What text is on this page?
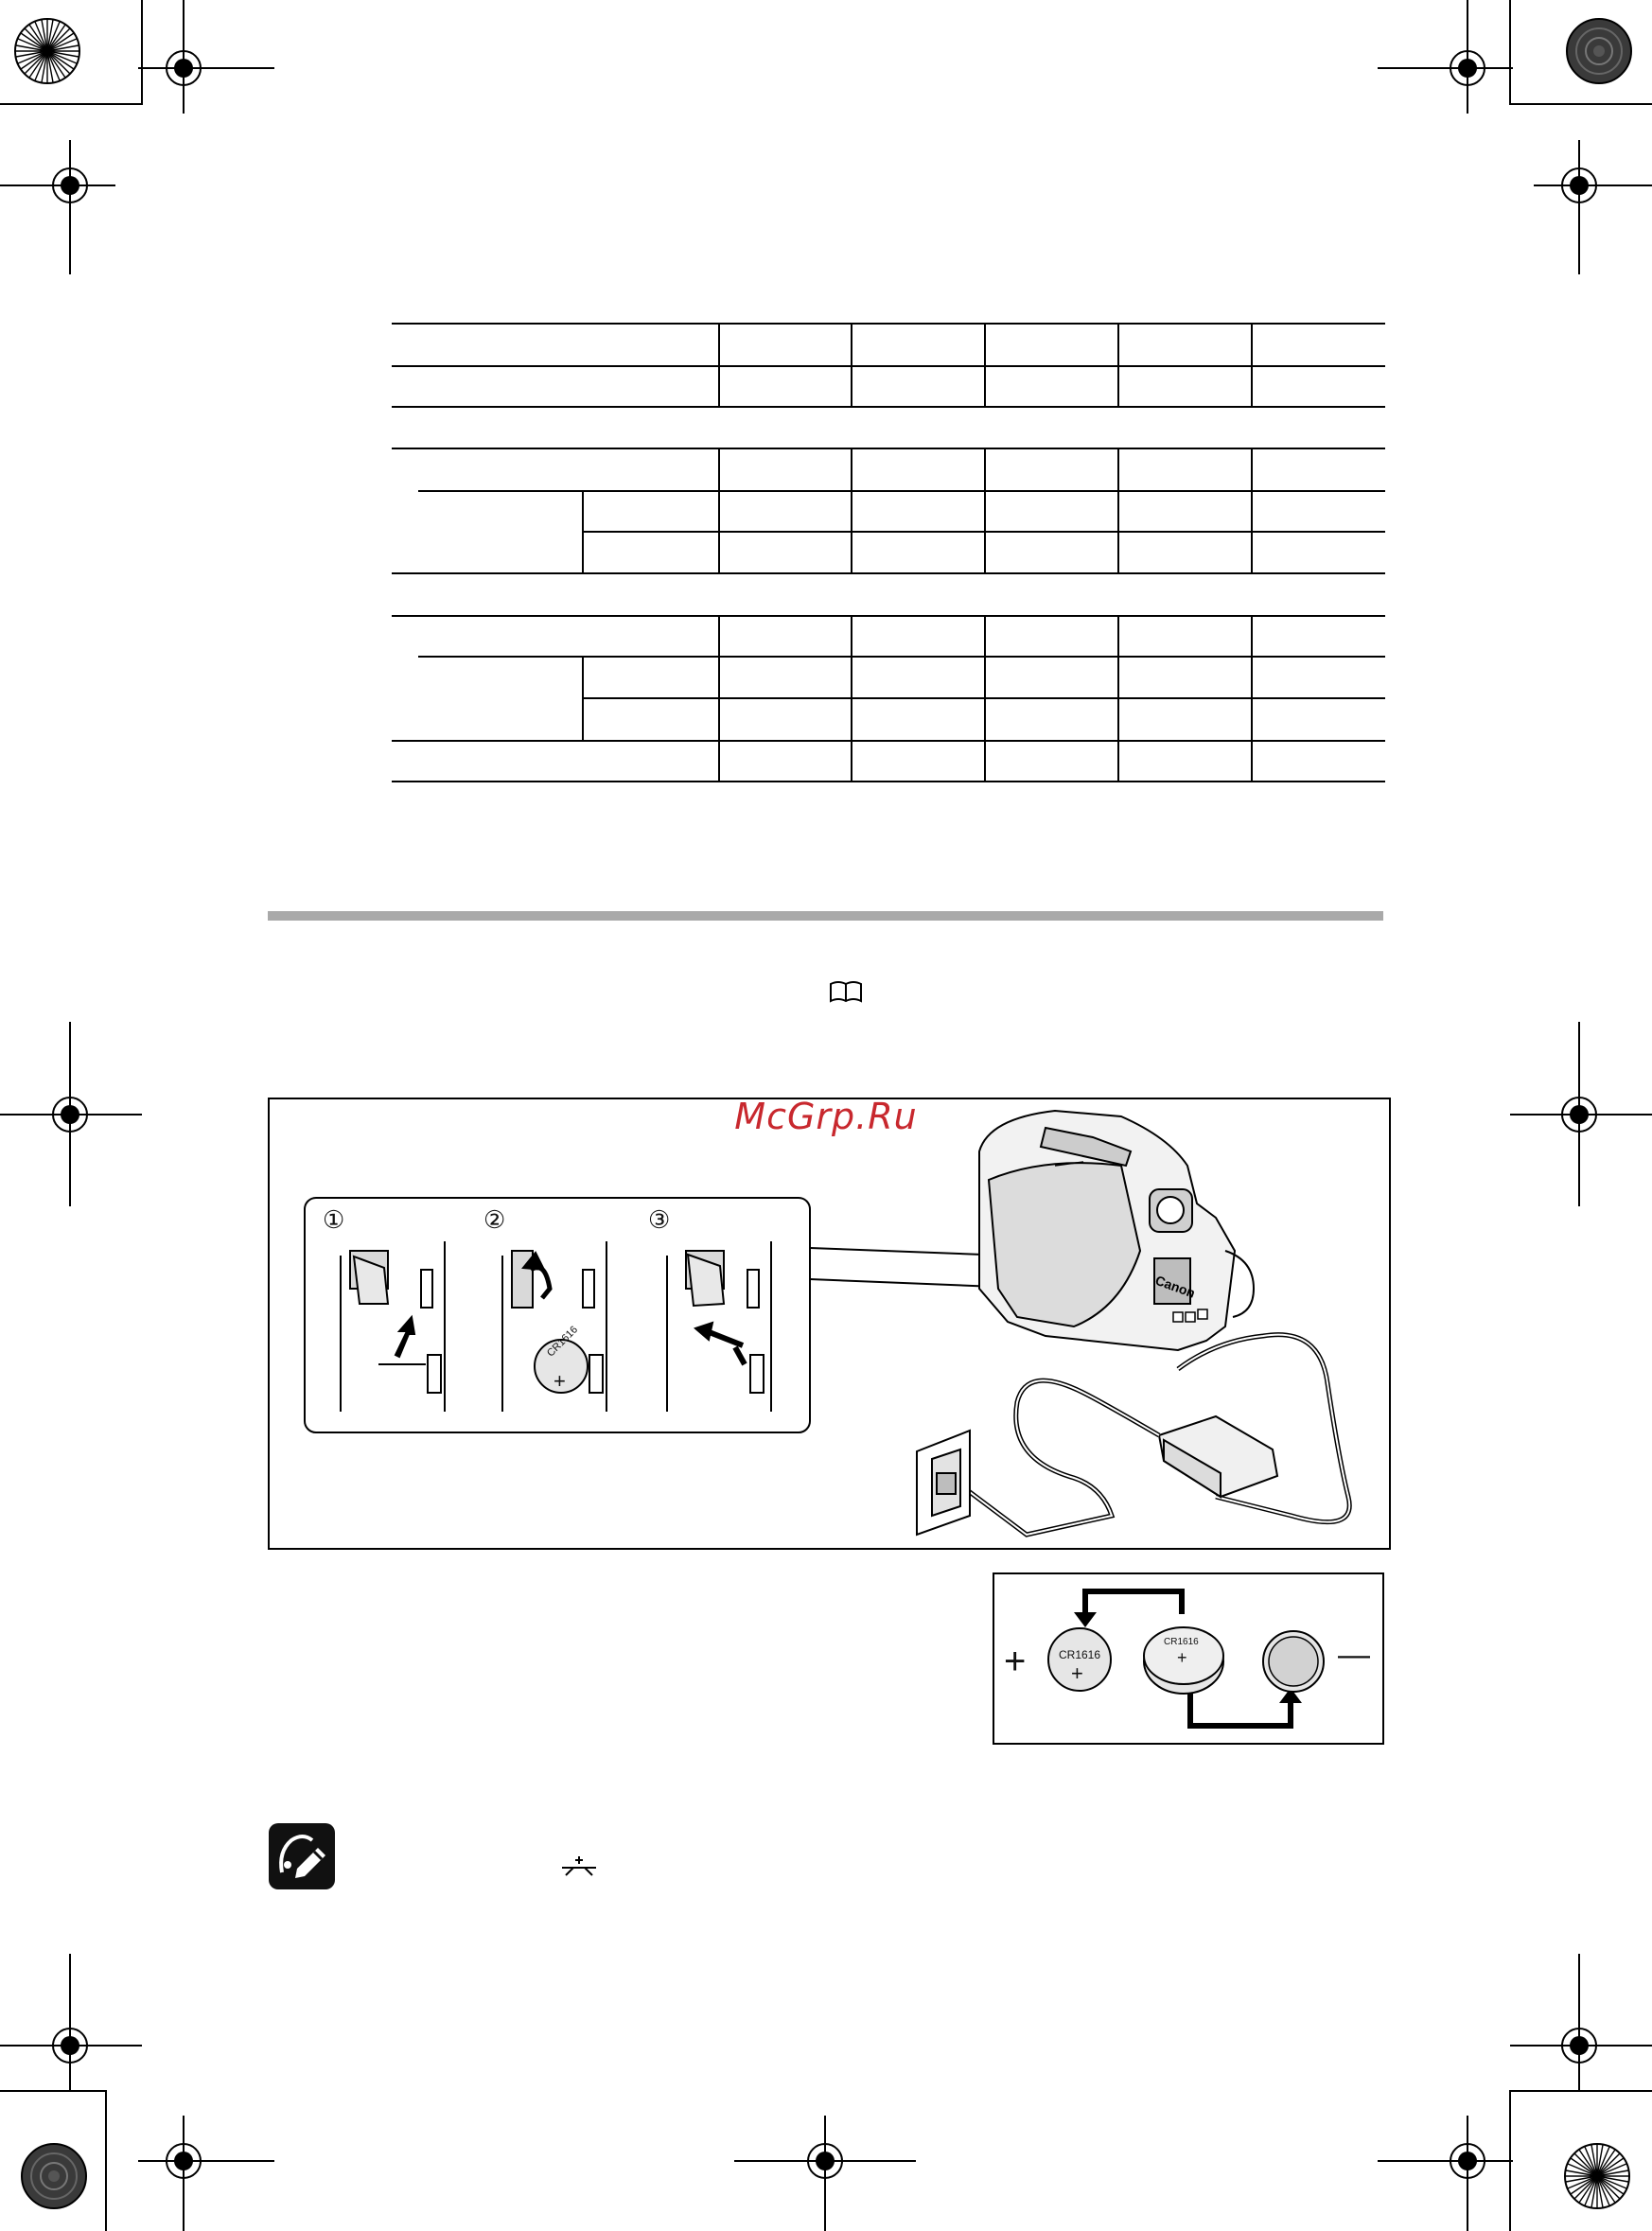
Canon
①	②	③
CR1616
+
+	—
CR1616
+
CR1616
+
McGrp.Ru
